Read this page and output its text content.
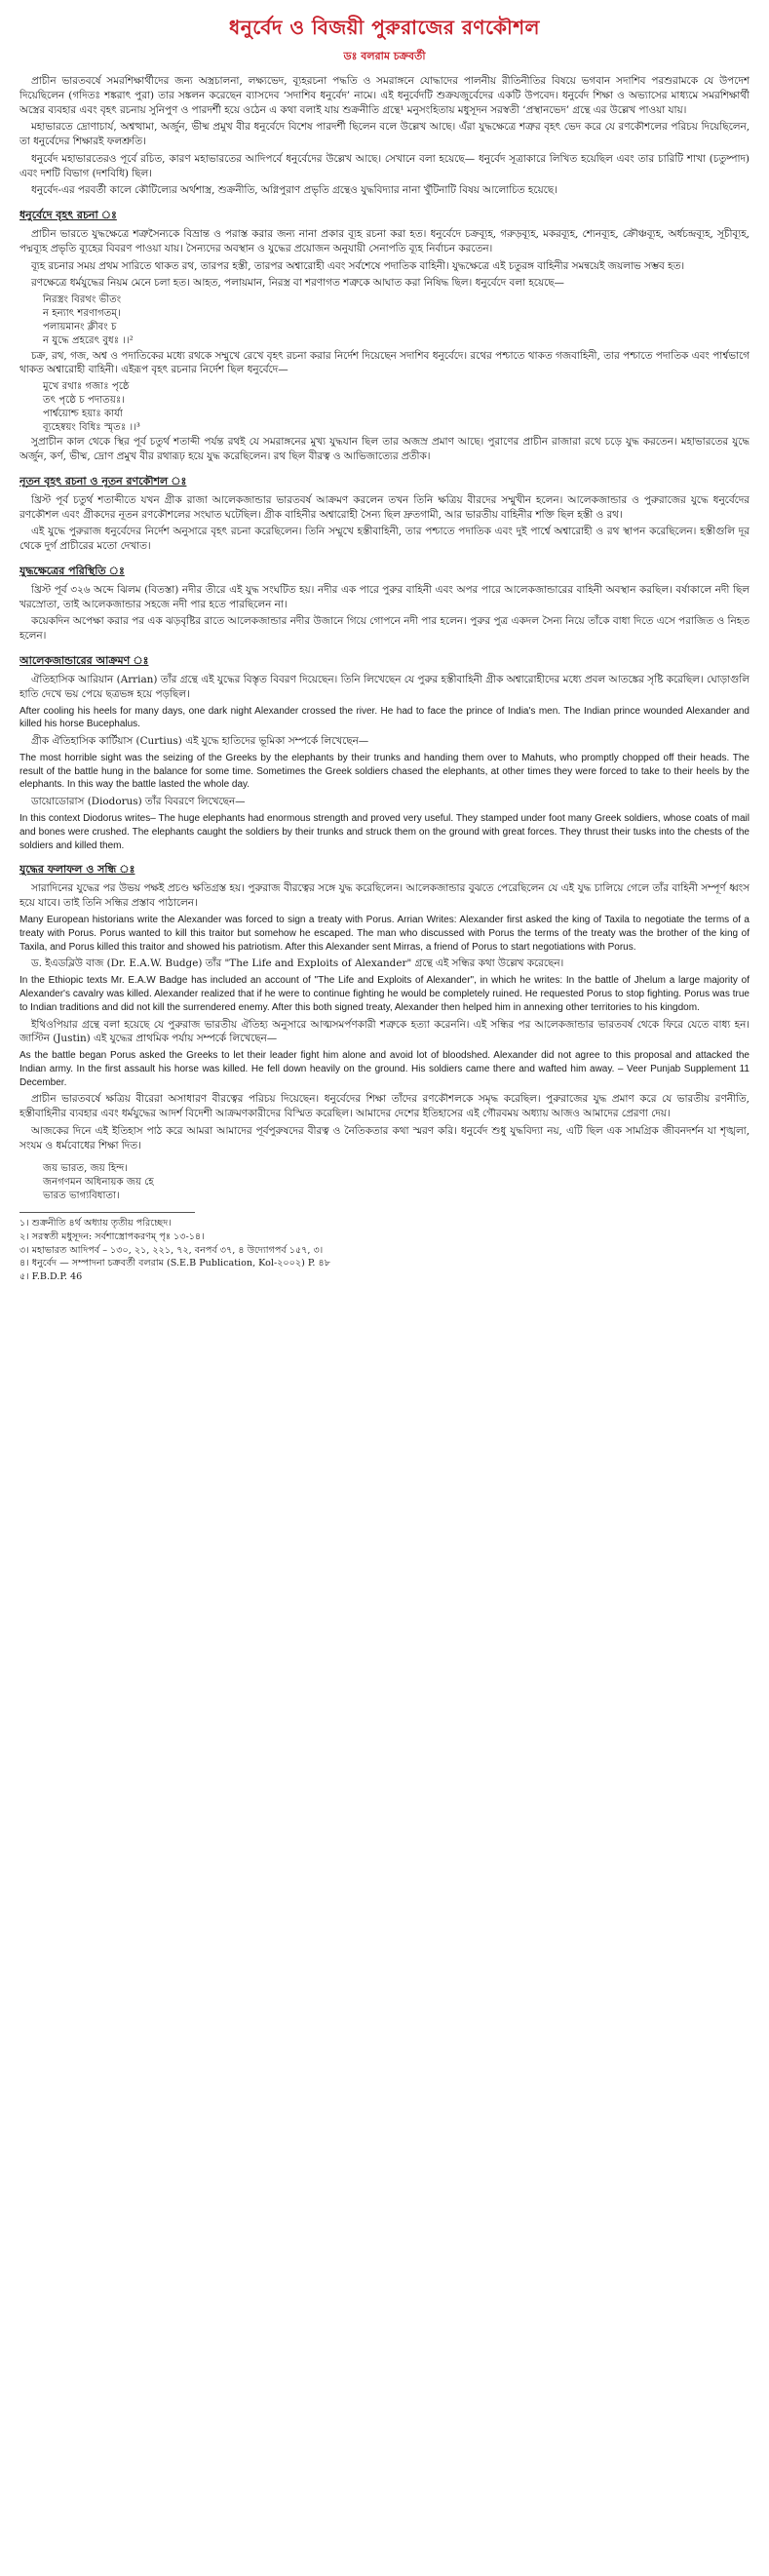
ধনুর্বেদ ও বিজয়ী পুরুরাজের রণকৌশল
ডঃ বলরাম চক্রবর্তী

প্রাচীন ভারতবর্ষে সমরশিক্ষার্থীদের জন্য অস্ত্রচালনা, লক্ষ্যভেদ, ব্যূহরচনা পদ্ধতি ও সমরাঙ্গনে যোদ্ধাদের পালনীয় রীতিনীতির বিষয়ে ভগবান সদাশিব পরশুরামকে যে উপদেশ দিয়েছিলেন (গদিতঃ শঙ্করাৎ পুরা) তার সঙ্কলন করেছেন ব্যাসদেব ‘সদাশিব ধনুর্বেদ’ নামে। এই ধনুর্বেদটি শুক্রযজুর্বেদের একটি উপবেদ। ধনুর্বেদ শিক্ষা ও অভ্যাসের মাধ্যমে সমরশিক্ষার্থী অস্ত্রের ব্যবহার এবং বৃহৎ রচনায় সুনিপুণ ও পারদর্শী হয়ে ওঠেন এ কথা বলাই যায় শুক্রনীতি গ্রন্থে¹ মনুসংহিতায় মধুসূদন সরস্বতী ‘প্রস্থানভেদ’ গ্রন্থে এর উল্লেখ পাওয়া যায়।

মহাভারতে দ্রোণাচার্য, অশ্বত্থামা, অর্জুন, ভীষ্ম প্রমুখ বীর ধনুর্বেদে বিশেষ পারদর্শী ছিলেন বলে উল্লেখ আছে। এঁরা যুদ্ধক্ষেত্রে শত্রুর বৃহৎ ভেদ করে যে রণকৌশলের পরিচয় দিয়েছিলেন, তা ধনুর্বেদের শিক্ষারই ফলশ্রুতি।

ধনুর্বেদ মহাভারতেরও পূর্বে রচিত, কারণ মহাভারতের আদিপর্বে ধনুর্বেদের উল্লেখ আছে। সেখানে বলা হয়েছে— ধনুর্বেদ সূত্রাকারে লিখিত হয়েছিল এবং তার চারিটি শাখা (চতুষ্পাদ) এবং দশটি বিভাগ (দশবিধি) ছিল।

ধনুর্বেদ-এর পরবর্তী কালে কৌটিল্যের অর্থশাস্ত্র, শুক্রনীতি, অগ্নিপুরাণ প্রভৃতি গ্রন্থেও যুদ্ধবিদ্যার নানা খুঁটিনাটি বিষয় আলোচিত হয়েছে।

ধনুর্বেদে বৃহৎ রচনা ঃ

প্রাচীন ভারতে যুদ্ধক্ষেত্রে শত্রুসৈন্যকে বিভ্রান্ত ও পরাস্ত করার জন্য নানা প্রকার ব্যূহ রচনা করা হত। ধনুর্বেদে চক্রব্যূহ, গরুড়ব্যূহ, মকরব্যূহ, শ্যেনব্যূহ, ক্রৌঞ্চব্যূহ, অর্ধচন্দ্রব্যূহ, সূচীব্যূহ, পদ্মব্যূহ প্রভৃতি ব্যূহের বিবরণ পাওয়া যায়। সৈন্যদের অবস্থান ও যুদ্ধের প্রয়োজন অনুযায়ী সেনাপতি ব্যূহ নির্বাচন করতেন।

ব্যূহ রচনার সময় প্রথম সারিতে থাকত রথ, তারপর হস্তী, তারপর অশ্বারোহী এবং সর্বশেষে পদাতিক বাহিনী। যুদ্ধক্ষেত্রে এই চতুরঙ্গ বাহিনীর সমন্বয়েই জয়লাভ সম্ভব হত।

রণক্ষেত্রে ধর্মযুদ্ধের নিয়ম মেনে চলা হত। আহত, পলায়মান, নিরস্ত্র বা শরণাগত শত্রুকে আঘাত করা নিষিদ্ধ ছিল। ধনুর্বেদে বলা হয়েছে—

নিরস্ত্রং বিরথং ভীতং
ন হন্যাৎ শরণাগতম্।
পলায়মানং ক্লীবং চ
ন যুদ্ধে প্রহরেৎ বুধঃ ।।²

চক্র, রথ, গজ, অশ্ব ও পদাতিকের মধ্যে রথকে সম্মুখে রেখে বৃহৎ রচনা করার নির্দেশ দিয়েছেন সদাশিব ধনুর্বেদে। রথের পশ্চাতে থাকত গজবাহিনী, তার পশ্চাতে পদাতিক এবং পার্শ্বভাগে থাকত অশ্বারোহী বাহিনী। এইরূপ বৃহৎ রচনার নির্দেশ ছিল ধনুর্বেদে—

মুখে রথাঃ গজাঃ পৃষ্ঠে
তৎ পৃষ্ঠে চ পদাতয়ঃ।
পার্শ্বয়োশ্চ হয়াঃ কার্যা
ব্যূহেষ্বয়ং বিধিঃ স্মৃতঃ ।।³

সুপ্রাচীন কাল থেকে স্থির পূর্ব চতুর্থ শতাব্দী পর্যন্ত রথই যে সমরাঙ্গনের মুখ্য যুদ্ধযান ছিল তার অজস্র প্রমাণ আছে। পুরাণের প্রাচীন রাজারা রথে চড়ে যুদ্ধ করতেন। মহাভারতের যুদ্ধে অর্জুন, কর্ণ, ভীষ্ম, দ্রোণ প্রমুখ বীর রথারূঢ় হয়ে যুদ্ধ করেছিলেন। রথ ছিল বীরত্ব ও আভিজাত্যের প্রতীক।

নূতন বৃহৎ রচনা ও নূতন রণকৌশল ঃ

খ্রিস্ট পূর্ব চতুর্থ শতাব্দীতে যখন গ্রীক রাজা আলেকজান্ডার ভারতবর্ষ আক্রমণ করলেন তখন তিনি ক্ষত্রিয় বীরদের সম্মুখীন হলেন। আলেকজান্ডার ও পুরুরাজের যুদ্ধে ধনুর্বেদের রণকৌশল এবং গ্রীকদের নূতন রণকৌশলের সংঘাত ঘটেছিল। গ্রীক বাহিনীর অশ্বারোহী সৈন্য ছিল দ্রুতগামী, আর ভারতীয় বাহিনীর শক্তি ছিল হস্তী ও রথ।

এই যুদ্ধে পুরুরাজ ধনুর্বেদের নির্দেশ অনুসারে বৃহৎ রচনা করেছিলেন। তিনি সম্মুখে হস্তীবাহিনী, তার পশ্চাতে পদাতিক এবং দুই পার্শ্বে অশ্বারোহী ও রথ স্থাপন করেছিলেন। হস্তীগুলি দূর থেকে দুর্গ প্রাচীরের মতো দেখাত।

যুদ্ধক্ষেত্রের পরিস্থিতি ঃ

খ্রিস্ট পূর্ব ৩২৬ অব্দে ঝিলম (বিতস্তা) নদীর তীরে এই যুদ্ধ সংঘটিত হয়। নদীর এক পারে পুরুর বাহিনী এবং অপর পারে আলেকজান্ডারের বাহিনী অবস্থান করছিল। বর্ষাকালে নদী ছিল খরস্রোতা, তাই আলেকজান্ডার সহজে নদী পার হতে পারছিলেন না।

কয়েকদিন অপেক্ষা করার পর এক ঝড়বৃষ্টির রাতে আলেকজান্ডার নদীর উজানে গিয়ে গোপনে নদী পার হলেন। পুরুর পুত্র একদল সৈন্য নিয়ে তাঁকে বাধা দিতে এসে পরাজিত ও নিহত হলেন।

আলেকজান্ডারের আক্রমণ ঃ

ঐতিহাসিক আরিয়ান (Arrian) তাঁর গ্রন্থে এই যুদ্ধের বিস্তৃত বিবরণ দিয়েছেন। তিনি লিখেছেন যে পুরুর হস্তীবাহিনী গ্রীক অশ্বারোহীদের মধ্যে প্রবল আতঙ্কের সৃষ্টি করেছিল। ঘোড়াগুলি হাতি দেখে ভয় পেয়ে ছত্রভঙ্গ হয়ে পড়ছিল।

After cooling his heels for many days, one dark night Alexander crossed the river. He had to face the prince of India's men. The Indian prince wounded Alexander and killed his horse Bucephalus.

গ্রীক ঐতিহাসিক কার্টিয়াস (Curtius) এই যুদ্ধে হাতিদের ভূমিকা সম্পর্কে লিখেছেন—

The most horrible sight was the seizing of the Greeks by the elephants by their trunks and handing them over to Mahuts, who promptly chopped off their heads. The result of the battle hung in the balance for some time. Sometimes the Greek soldiers chased the elephants, at other times they were forced to take to their heels by the elephants. In this way the battle lasted the whole day.

ডায়োডোরাস (Diodorus) তাঁর বিবরণে লিখেছেন—

In this context Diodorus writes– The huge elephants had enormous strength and proved very useful. They stamped under foot many Greek soldiers, whose coats of mail and bones were crushed. The elephants caught the soldiers by their trunks and struck them on the ground with great forces. They thrust their tusks into the chests of the soldiers and killed them.

যুদ্ধের ফলাফল ও সন্ধি ঃ

সারাদিনের যুদ্ধের পর উভয় পক্ষই প্রচণ্ড ক্ষতিগ্রস্ত হয়। পুরুরাজ বীরত্বের সঙ্গে যুদ্ধ করেছিলেন। আলেকজান্ডার বুঝতে পেরেছিলেন যে এই যুদ্ধ চালিয়ে গেলে তাঁর বাহিনী সম্পূর্ণ ধ্বংস হয়ে যাবে। তাই তিনি সন্ধির প্রস্তাব পাঠালেন।

Many European historians write the Alexander was forced to sign a treaty with Porus. Arrian Writes: Alexander first asked the king of Taxila to negotiate the terms of a treaty with Porus. Porus wanted to kill this traitor but somehow he escaped. The man who discussed with Porus the terms of the treaty was the brother of the king of Taxila, and Porus killed this traitor and showed his patriotism. After this Alexander sent Mirras, a friend of Porus to start negotiations with Porus.

ড. ইএডব্লিউ বাজ (Dr. E.A.W. Budge) তাঁর "The Life and Exploits of Alexander" গ্রন্থে এই সন্ধির কথা উল্লেখ করেছেন।

In the Ethiopic texts Mr. E.A.W Badge has included an account of "The Life and Exploits of Alexander", in which he writes: In the battle of Jhelum a large majority of Alexander's cavalry was killed. Alexander realized that if he were to continue fighting he would be completely ruined. He requested Porus to stop fighting. Porus was true to Indian traditions and did not kill the surrendered enemy. After this both signed treaty, Alexander then helped him in annexing other territories to his kingdom.

ইথিওপিয়ার গ্রন্থে বলা হয়েছে যে পুরুরাজ ভারতীয় ঐতিহ্য অনুসারে আত্মসমর্পণকারী শত্রুকে হত্যা করেননি। এই সন্ধির পর আলেকজান্ডার ভারতবর্ষ থেকে ফিরে যেতে বাধ্য হন। জাস্টিন (Justin) এই যুদ্ধের প্রাথমিক পর্যায় সম্পর্কে লিখেছেন—

As the battle began Porus asked the Greeks to let their leader fight him alone and avoid lot of bloodshed. Alexander did not agree to this proposal and attacked the Indian army. In the first assault his horse was killed. He fell down heavily on the ground. His soldiers came there and wafted him away. – Veer Punjab Supplement 11 December.

প্রাচীন ভারতবর্ষে ক্ষত্রিয় বীরেরা অসাধারণ বীরত্বের পরিচয় দিয়েছেন। ধনুর্বেদের শিক্ষা তাঁদের রণকৌশলকে সমৃদ্ধ করেছিল। পুরুরাজের যুদ্ধ প্রমাণ করে যে ভারতীয় রণনীতি, হস্তীবাহিনীর ব্যবহার এবং ধর্মযুদ্ধের আদর্শ বিদেশী আক্রমণকারীদের বিস্মিত করেছিল। আমাদের দেশের ইতিহাসের এই গৌরবময় অধ্যায় আজও আমাদের প্রেরণা দেয়।

আজকের দিনে এই ইতিহাস পাঠ করে আমরা আমাদের পূর্বপুরুষদের বীরত্ব ও নৈতিকতার কথা স্মরণ করি। ধনুর্বেদ শুধু যুদ্ধবিদ্যা নয়, এটি ছিল এক সামগ্রিক জীবনদর্শন যা শৃঙ্খলা, সংযম ও ধর্মবোধের শিক্ষা দিত।

জয় ভারত, জয় হিন্দ।
জনগণমন অধিনায়ক জয় হে
ভারত ভাগ্যবিধাতা।

১। শুক্রনীতি ৪র্থ অধ্যায় তৃতীয় পরিচ্ছেদ।

২। সরস্বতী মধুসূদন: সর্বশাস্ত্রোপকরণম্‌ পৃঃ ১৩-১৪।

৩। মহাভারত আদিপর্ব – ১৩০, ২১, ২২১, ৭২, বনপর্ব ৩৭, ৪ উদ্যোগপর্ব ১৫৭, ৩।

৪। ধনুর্বেদ — সম্পাদনা চক্রবর্তী বলরাম (S.E.B Publication, Kol-২০০২) P. ৪৮

৫। F.B.D.P. 46
